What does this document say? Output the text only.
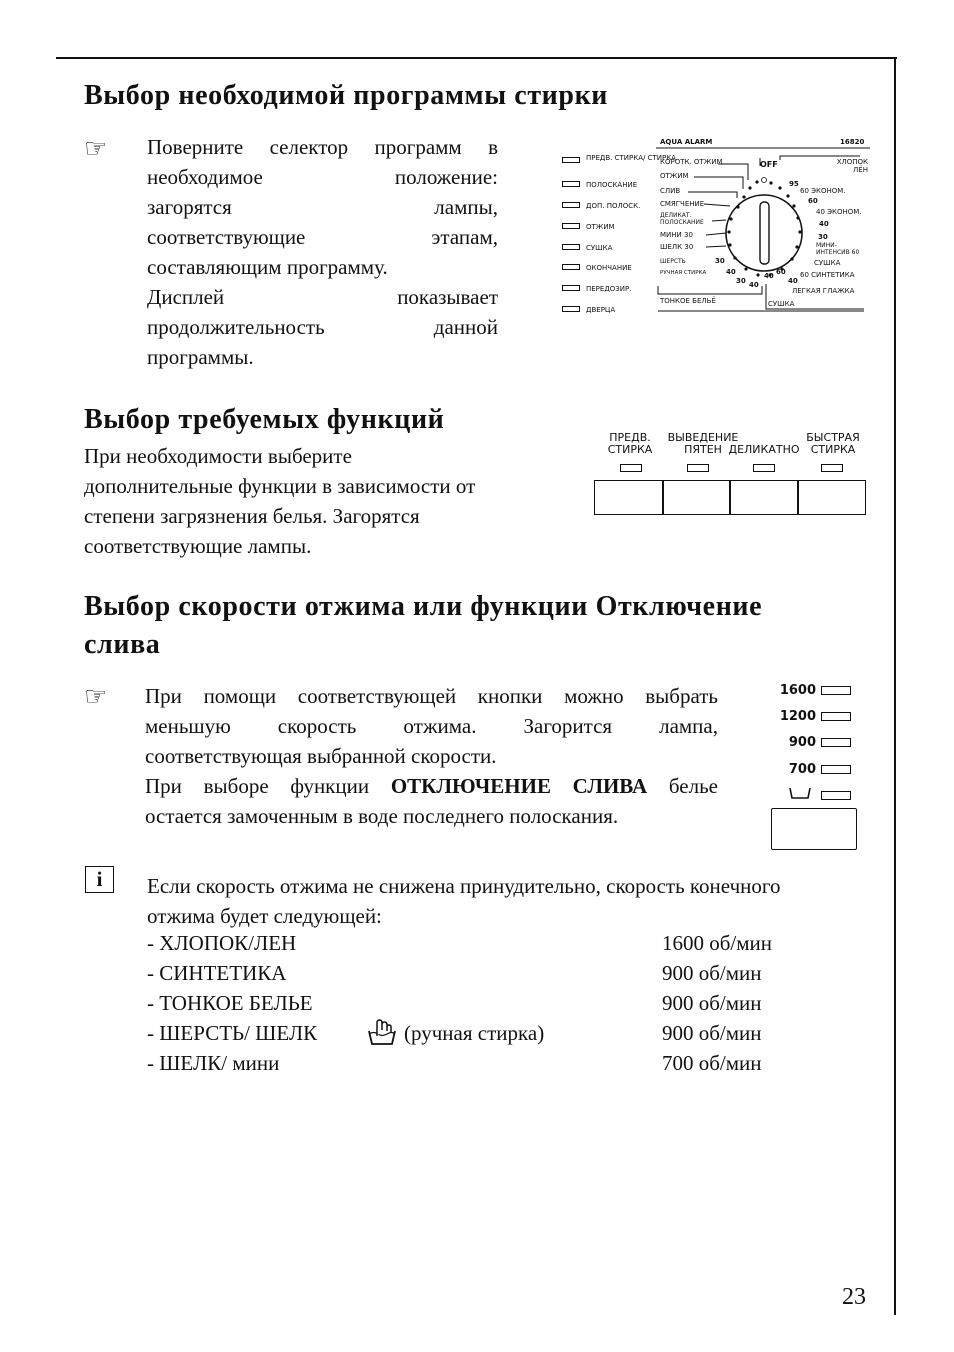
Выбор необходимой программы стирки
☞ Поверните селектор программ в
необходимое положение:
загорятся лампы,
соответствующие этапам,
составляющим программу.
Дисплей показывает
продолжительность данной
программы.
AQUA ALARM	16820
ПРЕДВ. СТИРКА/ СТИРКА
ПОЛОСКАНИЕ
ДОП. ПОЛОСК.
ОТЖИМ
СУШКА
ОКОНЧАНИЕ
ПЕРЕДОЗИР.
ДВЕРЦА
КОРОТК. ОТЖИМ
ОТЖИМ
СЛИВ
СМЯГЧЕНИЕ
ДЕЛИКАТ. ПОЛОСКАНИЕ
МИНИ 30
ШЕЛК 30
ШЕРСТЬ
РУЧНАЯ СТИРКА
OFF	ХЛОПОК ЛЁН
95
60 ЭКОНОМ.
60
40 ЭКОНОМ.
40
30
МИНИ- ИНТЕНСИВ 60
СУШКА
60 СИНТЕТИКА
40
ЛЕГКАЯ ГЛАЖКА
30
40
30 40
40 60
ТОНКОЕ БЕЛЬЁ	СУШКА
Выбор требуемых функций
При необходимости выберите
дополнительные функции в зависимости от
степени загрязнения белья. Загорятся
соответствующие лампы.
ПРЕДВ. СТИРКА
ВЫВЕДЕНИЕ ПЯТЕН ДЕЛИКАТНО
БЫСТРАЯ СТИРКА
Выбор скорости отжима или функции Отключение
слива
☞ При помощи соответствующей кнопки можно выбрать
меньшую скорость отжима. Загорится лампа,
соответствующая выбранной скорости.
При выборе функции ОТКЛЮЧЕНИЕ СЛИВА белье
остается замоченным в воде последнего полоскания.
1600
1200
900
700
i	Если скорость отжима не снижена принудительно, скорость конечного
отжима будет следующей:
- ХЛОПОК/ЛЕН	1600 об/мин
- СИНТЕТИКА	900 об/мин
- ТОНКОЕ БЕЛЬЕ	900 об/мин
- ШЕРСТЬ/ ШЕЛК	(ручная стирка)	900 об/мин
- ШЕЛК/ мини	700 об/мин
23
